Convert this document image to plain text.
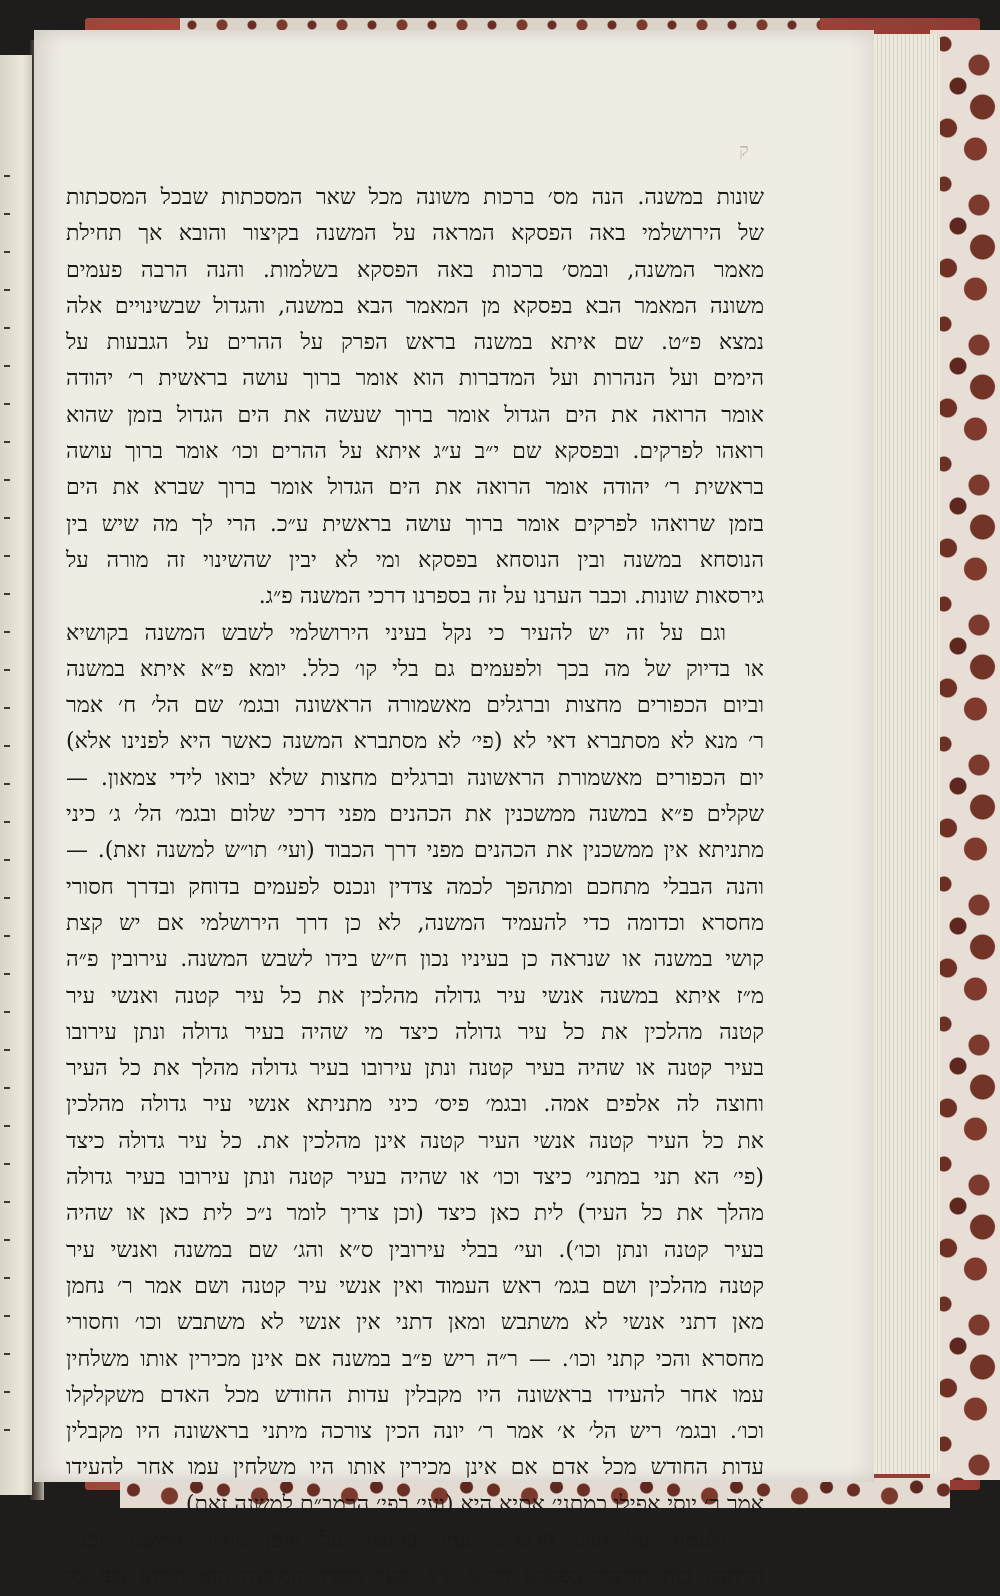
ק
שונות במשנה. הנה מס׳ ברכות משונה מכל שאר המסכתות שבכל המסכתות
של הירושלמי באה הפסקא המראה על המשנה בקיצור והובא אך תחילת
מאמר המשנה, ובמס׳ ברכות באה הפסקא בשלמות. והנה הרבה פעמים
משונה המאמר הבא בפסקא מן המאמר הבא במשנה, והגדול שבשינויים אלה
נמצא פ״ט. שם איתא במשנה בראש הפרק על ההרים על הגבעות על
הימים ועל הנהרות ועל המדברות הוא אומר ברוך עושה בראשית ר׳ יהודה
אומר הרואה את הים הגדול אומר ברוך שעשה את הים הגדול בזמן שהוא
רואהו לפרקים. ובפסקא שם י״ב ע״ג איתא על ההרים וכו׳ אומר ברוך עושה
בראשית ר׳ יהודה אומר הרואה את הים הגדול אומר ברוך שברא את הים
בזמן שרואהו לפרקים אומר ברוך עושה בראשית ע״כ. הרי לך מה שיש בין
הנוסחא במשנה ובין הנוסחא בפסקא ומי לא יבין שהשינוי זה מורה על
גירסאות שונות. וכבר הערנו על זה בספרנו דרכי המשנה פ״ג.
וגם על זה יש להעיר כי נקל בעיני הירושלמי לשבש המשנה בקושיא
או בדיוק של מה בכך ולפעמים גם בלי קו׳ כלל. יומא פ״א איתא במשנה
וביום הכפורים מחצות וברגלים מאשמורה הראשונה ובגמ׳ שם הל׳ ח׳ אמר
ר׳ מנא לא מסתברא דאי לא (פי׳ לא מסתברא המשנה כאשר היא לפנינו אלא)
יום הכפורים מאשמורת הראשונה וברגלים מחצות שלא יבואו לידי צמאון. —
שקלים פ״א במשנה ממשכנין את הכהנים מפני דרכי שלום ובגמ׳ הל׳ ג׳ כיני
מתניתא אין ממשכנין את הכהנים מפני דרך הכבוד (ועי׳ תו״ש למשנה זאת). —
והנה הבבלי מתחכם ומתהפך לכמה צדדין ונכנס לפעמים בדוחק ובדרך חסורי
מחסרא וכדומה כדי להעמיד המשנה, לא כן דרך הירושלמי אם יש קצת
קושי במשנה או שנראה כן בעיניו נכון ח״ש בידו לשבש המשנה. עירובין פ״ה
מ״ז איתא במשנה אנשי עיר גדולה מהלכין את כל עיר קטנה ואנשי עיר
קטנה מהלכין את כל עיר גדולה כיצד מי שהיה בעיר גדולה ונתן עירובו
בעיר קטנה או שהיה בעיר קטנה ונתן עירובו בעיר גדולה מהלך את כל העיר
וחוצה לה אלפים אמה. ובגמ׳ פיס׳ כיני מתניתא אנשי עיר גדולה מהלכין
את כל העיר קטנה אנשי העיר קטנה אינן מהלכין את. כל עיר גדולה כיצד
(פי׳ הא תני במתני׳ כיצד וכו׳ או שהיה בעיר קטנה ונתן עירובו בעיר גדולה
מהלך את כל העיר) לית כאן כיצד (וכן צריך לומר נ״כ לית כאן או שהיה
בעיר קטנה ונתן וכו׳). ועי׳ בבלי עירובין ס״א והג׳ שם במשנה ואנשי עיר
קטנה מהלכין ושם בגמ׳ ראש העמוד ואין אנשי עיר קטנה ושם אמר ר׳ נחמן
מאן דתני אנשי לא משתבש ומאן דתני אין אנשי לא משתבש וכו׳ וחסורי
מחסרא והכי קתני וכו׳. — ר״ה ריש פ״ב במשנה אם אינן מכירין אותו משלחין
עמו אחר להעידו בראשונה היו מקבלין עדות החודש מכל האדם משקלקלו
וכו׳. ובגמ׳ ריש הל׳ א׳ אמר ר׳ יונה הכין צורכה מיתני בראשונה היו מקבלין
עדות החודש מכל אדם אם אינן מכירין אותו היו משלחין עמו אחר להעידו
אמר ר׳ יוסי אפילו כמתני׳ אתיא היא (ועי׳ בפי׳ הרמב״ם למשנה זאת).
ולעמוד על תוכן הדברים נעיר בקיצור על אופן סידור המשנה וכבר
הרחבנו בזה הדיבור בספרנו דה״מ פ״ג. בעל מסדר המשנה הוא הידוע בפי כל
